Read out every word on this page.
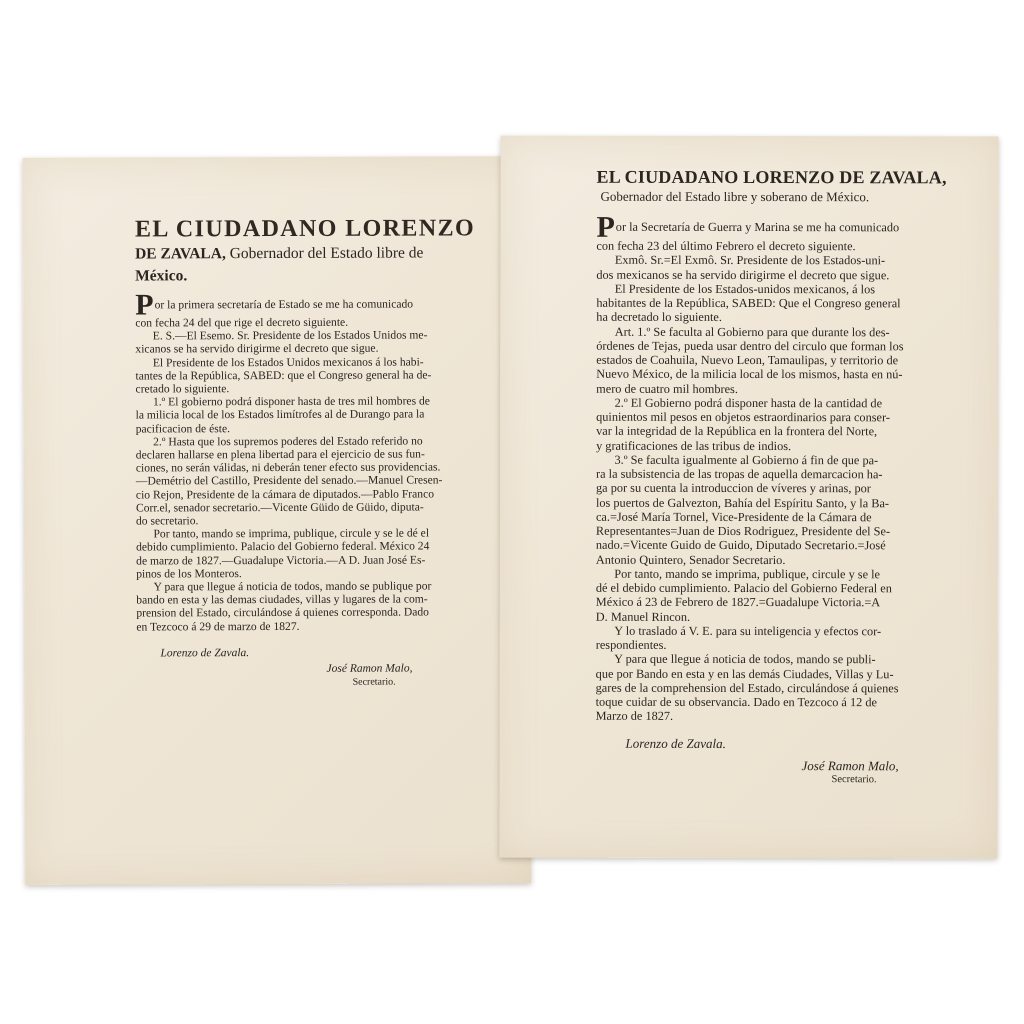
EL CIUDADANO LORENZO
DE ZAVALA, Gobernador del Estado libre de
México.

Por la primera secretaría de Estado se me ha comunicado

con fecha 24 del que rige el decreto siguiente.

E. S.—El Esemo. Sr. Presidente de los Estados Unidos me-

xicanos se ha servido dirigirme el decreto que sigue.

El Presidente de los Estados Unidos mexicanos á los habi-

tantes de la República, SABED: que el Congreso general ha de-

cretado lo siguiente.

1.º El gobierno podrá disponer hasta de tres mil hombres de

la milicia local de los Estados limítrofes al de Durango para la

pacificacion de éste.

2.º Hasta que los supremos poderes del Estado referido no

declaren hallarse en plena libertad para el ejercicio de sus fun-

ciones, no serán válidas, ni deberán tener efecto sus providencias.

—Demétrio del Castillo, Presidente del senado.—Manuel Cresen-

cio Rejon, Presidente de la cámara de diputados.—Pablo Franco

Corr.el, senador secretario.—Vicente Güido de Güido, diputa-

do secretario.

Por tanto, mando se imprima, publique, circule y se le dé el

debido cumplimiento. Palacio del Gobierno federal. México 24

de marzo de 1827.—Guadalupe Victoria.—A D. Juan José Es-

pinos de los Monteros.

Y para que llegue á noticia de todos, mando se publique por

bando en esta y las demas ciudades, villas y lugares de la com-

prension del Estado, circulándose á quienes corresponda. Dado

en Tezcoco á 29 de marzo de 1827.

Lorenzo de Zavala.
José Ramon Malo,
Secretario.
EL CIUDADANO LORENZO DE ZAVALA,
Gobernador del Estado libre y soberano de México.

Por la Secretaría de Guerra y Marina se me ha comunicado

con fecha 23 del último Febrero el decreto siguiente.

Exmô. Sr.=El Exmô. Sr. Presidente de los Estados-uni-

dos mexicanos se ha servido dirigirme el decreto que sigue.

El Presidente de los Estados-unidos mexicanos, á los

habitantes de la República, SABED: Que el Congreso general

ha decretado lo siguiente.

Art. 1.º Se faculta al Gobierno para que durante los des-

órdenes de Tejas, pueda usar dentro del circulo que forman los

estados de Coahuila, Nuevo Leon, Tamaulipas, y territorio de

Nuevo México, de la milicia local de los mismos, hasta en nú-

mero de cuatro mil hombres.

2.º El Gobierno podrá disponer hasta de la cantidad de

quinientos mil pesos en objetos estraordinarios para conser-

var la integridad de la República en la frontera del Norte,

y gratificaciones de las tribus de indios.

3.º Se faculta igualmente al Gobierno á fin de que pa-

ra la subsistencia de las tropas de aquella demarcacion ha-

ga por su cuenta la introduccion de víveres y arinas, por

los puertos de Galvezton, Bahía del Espíritu Santo, y la Ba-

ca.=José María Tornel, Vice-Presidente de la Cámara de

Representantes=Juan de Dios Rodriguez, Presidente del Se-

nado.=Vicente Guido de Guido, Diputado Secretario.=José

Antonio Quintero, Senador Secretario.

Por tanto, mando se imprima, publique, circule y se le

dé el debido cumplimiento. Palacio del Gobierno Federal en

México á 23 de Febrero de 1827.=Guadalupe Victoria.=A

D. Manuel Rincon.

Y lo traslado á V. E. para su inteligencia y efectos cor-

respondientes.

Y para que llegue á noticia de todos, mando se publi-

que por Bando en esta y en las demás Ciudades, Villas y Lu-

gares de la comprehension del Estado, circulándose á quienes

toque cuidar de su observancia. Dado en Tezcoco á 12 de

Marzo de 1827.

Lorenzo de Zavala.
José Ramon Malo,
Secretario.
